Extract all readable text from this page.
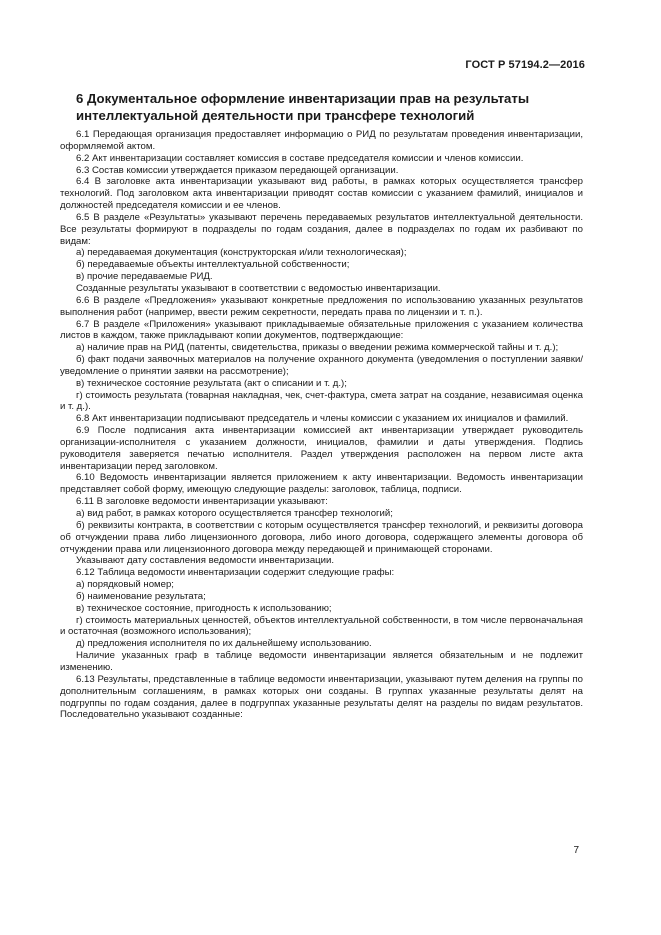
ГОСТ Р 57194.2—2016
6 Документальное оформление инвентаризации прав на результаты интеллектуальной деятельности при трансфере технологий

6.1 Передающая организация предоставляет информацию о РИД по результатам проведения инвентаризации, оформляемой актом.

6.2 Акт инвентаризации составляет комиссия в составе председателя комиссии и членов комиссии.

6.3 Состав комиссии утверждается приказом передающей организации.

6.4 В заголовке акта инвентаризации указывают вид работы, в рамках которых осуществляется трансфер технологий. Под заголовком акта инвентаризации приводят состав комиссии с указанием фамилий, инициалов и должностей председателя комиссии и ее членов.

6.5 В разделе «Результаты» указывают перечень передаваемых результатов интеллектуальной деятельности. Все результаты формируют в подразделы по годам создания, далее в подразделах по годам их разбивают по видам:

а) передаваемая документация (конструкторская и/или технологическая);

б) передаваемые объекты интеллектуальной собственности;

в) прочие передаваемые РИД.

Созданные результаты указывают в соответствии с ведомостью инвентаризации.

6.6 В разделе «Предложения» указывают конкретные предложения по использованию указанных результатов выполнения работ (например, ввести режим секретности, передать права по лицензии и т. п.).

6.7 В разделе «Приложения» указывают прикладываемые обязательные приложения с указанием количества листов в каждом, также прикладывают копии документов, подтверждающие:

а) наличие прав на РИД (патенты, свидетельства, приказы о введении режима коммерческой тайны и т. д.);

б) факт подачи заявочных материалов на получение охранного документа (уведомления о поступлении заявки/уведомление о принятии заявки на рассмотрение);

в) техническое состояние результата (акт о списании и т. д.);

г) стоимость результата (товарная накладная, чек, счет-фактура, смета затрат на создание, независимая оценка и т. д.).

6.8 Акт инвентаризации подписывают председатель и члены комиссии с указанием их инициалов и фамилий.

6.9 После подписания акта инвентаризации комиссией акт инвентаризации утверждает руководитель организации-исполнителя с указанием должности, инициалов, фамилии и даты утверждения. Подпись руководителя заверяется печатью исполнителя. Раздел утверждения расположен на первом листе акта инвентаризации перед заголовком.

6.10 Ведомость инвентаризации является приложением к акту инвентаризации. Ведомость инвентаризации представляет собой форму, имеющую следующие разделы: заголовок, таблица, подписи.

6.11 В заголовке ведомости инвентаризации указывают:

а) вид работ, в рамках которого осуществляется трансфер технологий;

б) реквизиты контракта, в соответствии с которым осуществляется трансфер технологий, и реквизиты договора об отчуждении права либо лицензионного договора, либо иного договора, содержащего элементы договора об отчуждении права или лицензионного договора между передающей и принимающей сторонами.

Указывают дату составления ведомости инвентаризации.

6.12 Таблица ведомости инвентаризации содержит следующие графы:

а) порядковый номер;

б) наименование результата;

в) техническое состояние, пригодность к использованию;

г) стоимость материальных ценностей, объектов интеллектуальной собственности, в том числе первоначальная и остаточная (возможного использования);

д) предложения исполнителя по их дальнейшему использованию.

Наличие указанных граф в таблице ведомости инвентаризации является обязательным и не подлежит изменению.

6.13 Результаты, представленные в таблице ведомости инвентаризации, указывают путем деления на группы по дополнительным соглашениям, в рамках которых они созданы. В группах указанные результаты делят на подгруппы по годам создания, далее в подгруппах указанные результаты делят на разделы по видам результатов. Последовательно указывают созданные:

7
